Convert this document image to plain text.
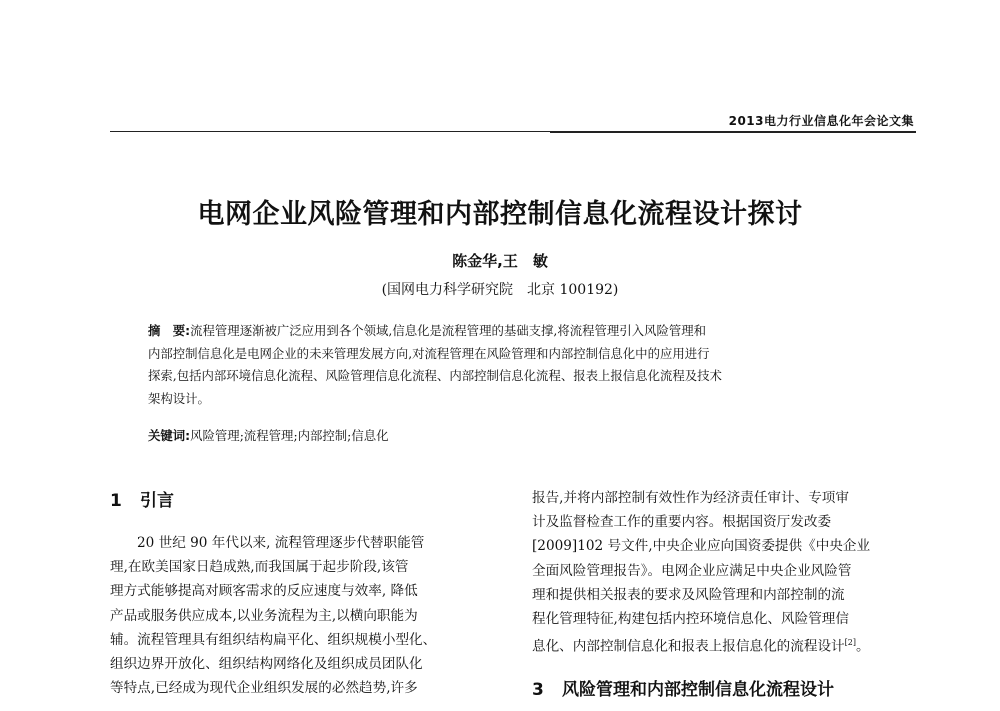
2013电力行业信息化年会论文集
电网企业风险管理和内部控制信息化流程设计探讨
陈金华,王　敏
(国网电力科学研究院　北京 100192)
摘　要:流程管理逐渐被广泛应用到各个领域,信息化是流程管理的基础支撑,将流程管理引入风险管理和
内部控制信息化是电网企业的未来管理发展方向,对流程管理在风险管理和内部控制信息化中的应用进行
探索,包括内部环境信息化流程、风险管理信息化流程、内部控制信息化流程、报表上报信息化流程及技术
架构设计。
关键词:风险管理;流程管理;内部控制;信息化
1 引言
20 世纪 90 年代以来, 流程管理逐步代替职能管
理,在欧美国家日趋成熟,而我国属于起步阶段,该管
理方式能够提高对顾客需求的反应速度与效率, 降低
产品或服务供应成本,以业务流程为主,以横向职能为
辅。流程管理具有组织结构扁平化、组织规模小型化、
组织边界开放化、组织结构网络化及组织成员团队化
等特点,已经成为现代企业组织发展的必然趋势,许多
报告,并将内部控制有效性作为经济责任审计、专项审
计及监督检查工作的重要内容。根据国资厅发改委
[2009]102 号文件,中央企业应向国资委提供《中央企业
全面风险管理报告》。电网企业应满足中央企业风险管
理和提供相关报表的要求及风险管理和内部控制的流
程化管理特征,构建包括内控环境信息化、风险管理信
息化、内部控制信息化和报表上报信息化的流程设计[2]。
3 风险管理和内部控制信息化流程设计
